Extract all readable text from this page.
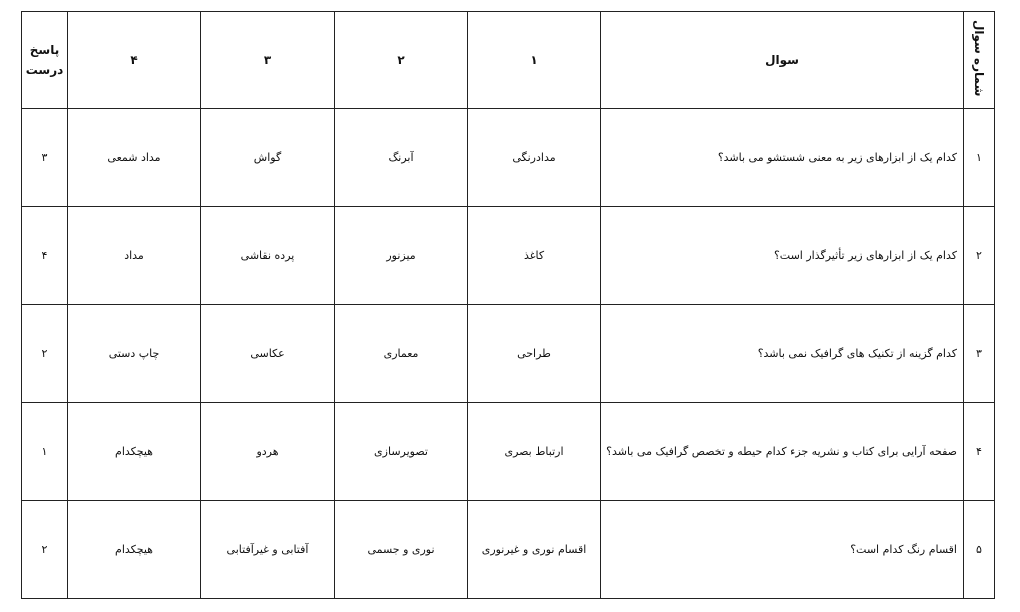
شماره سوال	سوال	۱	۲	۳	۴	پاسخ
درست
۱	کدام یک از ابزارهای زیر به معنی شستشو می باشد؟	مدادرنگی	آبرنگ	گواش	مداد شمعی	۳
۲	کدام یک از ابزارهای زیر تأثیرگذار است؟	کاغذ	میزنور	پرده نقاشی	مداد	۴
۳	کدام گزینه از تکنیک های گرافیک نمی باشد؟	طراحی	معماری	عکاسی	چاپ دستی	۲
۴	صفحه آرایی برای کتاب و نشریه جزء کدام حیطه و تخصص گرافیک می باشد؟	ارتباط بصری	تصویرسازی	هردو	هیچکدام	۱
۵	اقسام رنگ کدام است؟	اقسام نوری و غیرنوری	نوری و جسمی	آفتابی و غیرآفتابی	هیچکدام	۲
